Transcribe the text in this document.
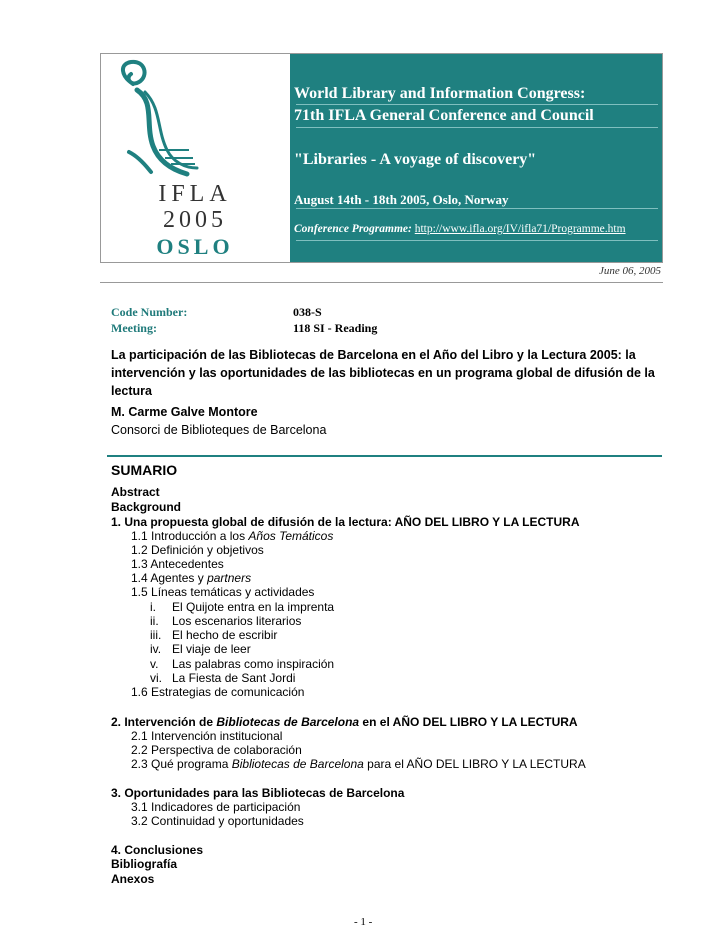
IFLA
2005
OSLO
World Library and Information Congress:
71th IFLA General Conference and Council
"Libraries - A voyage of discovery"
August 14th - 18th 2005, Oslo, Norway
Conference Programme: http://www.ifla.org/IV/ifla71/Programme.htm
June 06, 2005
Code Number:	038-S
Meeting:	118 SI - Reading
La participación de las Bibliotecas de Barcelona en el Año del Libro y la Lectura 2005: la intervención y las oportunidades de las bibliotecas en un programa global de difusión de la lectura
M. Carme Galve Montore
Consorci de Biblioteques de Barcelona
SUMARIO
Abstract
Background
1. Una propuesta global de difusión de la lectura: AÑO DEL LIBRO Y LA LECTURA
1.1 Introducción a los Años Temáticos
1.2 Definición y objetivos
1.3 Antecedentes
1.4 Agentes y partners
1.5 Líneas temáticas y actividades
i. El Quijote entra en la imprenta
ii. Los escenarios literarios
iii. El hecho de escribir
iv. El viaje de leer
v. Las palabras como inspiración
vi. La Fiesta de Sant Jordi
1.6 Estrategias de comunicación
2. Intervención de Bibliotecas de Barcelona en el AÑO DEL LIBRO Y LA LECTURA
2.1 Intervención institucional
2.2 Perspectiva de colaboración
2.3 Qué programa Bibliotecas de Barcelona para el AÑO DEL LIBRO Y LA LECTURA
3. Oportunidades para las Bibliotecas de Barcelona
3.1 Indicadores de participación
3.2 Continuidad y oportunidades
4. Conclusiones
Bibliografía
Anexos
- 1 -
